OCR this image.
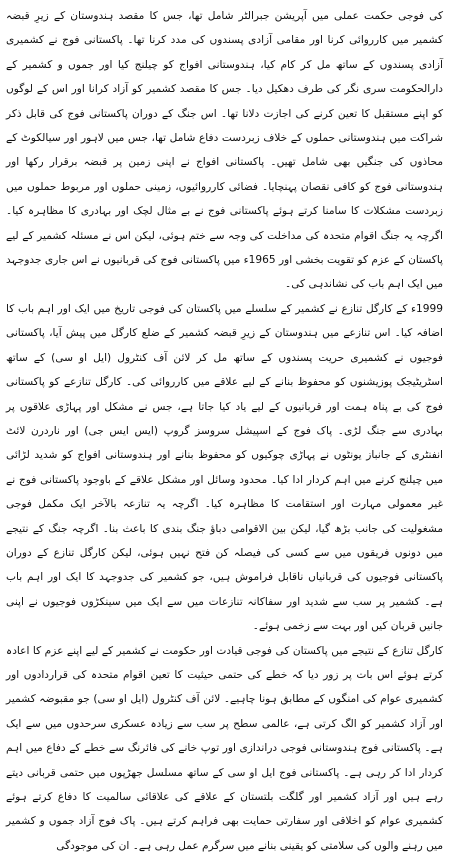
کی فوجی حکمت عملی میں آپریشن جبرالٹر شامل تھا، جس کا مقصد ہندوستان کے زیرِ قبضہ کشمیر میں کارروائی کرنا اور مقامی آزادی پسندوں کی مدد کرنا تھا۔ پاکستانی فوج نے کشمیری آزادی پسندوں کے ساتھ مل کر کام کیا، ہندوستانی افواج کو چیلنج کیا اور جموں و کشمیر کے دارالحکومت سری نگر کی طرف دھکیل دیا۔ جس کا مقصد کشمیر کو آزاد کرانا اور اس کے لوگوں کو اپنے مستقبل کا تعین کرنے کی اجازت دلانا تھا۔ اس جنگ کے دوران پاکستانی فوج کی قابل ذکر شراکت میں ہندوستانی حملوں کے خلاف زبردست دفاع شامل تھا، جس میں لاہور اور سیالکوٹ کے محاذوں کی جنگیں بھی شامل تھیں۔ پاکستانی افواج نے اپنی زمین پر قبضہ برقرار رکھا اور ہندوستانی فوج کو کافی نقصان پہنچایا۔ فضائی کارروائیوں، زمینی حملوں اور مربوط حملوں میں زبردست مشکلات کا سامنا کرتے ہوئے پاکستانی فوج نے بے مثال لچک اور بہادری کا مظاہرہ کیا۔ اگرچہ یہ جنگ اقوام متحدہ کی مداخلت کی وجہ سے ختم ہوئی، لیکن اس نے مسئلہ کشمیر کے لیے پاکستان کے عزم کو تقویت بخشی اور 1965ء میں پاکستانی فوج کی قربانیوں نے اس جاری جدوجہد میں ایک اہم باب کی نشاندہی کی۔

1999ء کے کارگل تنازع نے کشمیر کے سلسلے میں پاکستان کی فوجی تاریخ میں ایک اور اہم باب کا اضافہ کیا۔ اس تنازعے میں ہندوستان کے زیرِ قبضہ کشمیر کے ضلع کارگل میں پیش آیا، پاکستانی فوجیوں نے کشمیری حریت پسندوں کے ساتھ مل کر لائن آف کنٹرول (ایل او سی) کے ساتھ اسٹریٹیجک پوزیشنوں کو محفوظ بنانے کے لیے علاقے میں کارروائی کی۔ کارگل تنازعے کو پاکستانی فوج کی بے پناہ ہمت اور قربانیوں کے لیے یاد کیا جاتا ہے، جس نے مشکل اور پہاڑی علاقوں پر بہادری سے جنگ لڑی۔ پاک فوج کے اسپیشل سروسز گروپ (ایس ایس جی) اور ناردرن لائٹ انفنٹری کے جانباز یونٹوں نے پہاڑی چوکیوں کو محفوظ بنانے اور ہندوستانی افواج کو شدید لڑائی میں چیلنج کرنے میں اہم کردار ادا کیا۔ محدود وسائل اور مشکل علاقے کے باوجود پاکستانی فوج نے غیر معمولی مہارت اور استقامت کا مظاہرہ کیا۔ اگرچہ یہ تنازعہ بالآخر ایک مکمل فوجی مشغولیت کی جانب بڑھ گیا، لیکن بین الاقوامی دباؤ جنگ بندی کا باعث بنا۔ اگرچہ جنگ کے نتیجے میں دونوں فریقوں میں سے کسی کی فیصلہ کن فتح نہیں ہوئی، لیکن کارگل تنازع کے دوران پاکستانی فوجیوں کی قربانیاں ناقابل فراموش ہیں، جو کشمیر کی جدوجہد کا ایک اور اہم باب ہے۔ کشمیر پر سب سے شدید اور سفاکانہ تنازعات میں سے ایک میں سینکڑوں فوجیوں نے اپنی جانیں قربان کیں اور بہت سے زخمی ہوئے۔

کارگل تنازع کے نتیجے میں پاکستان کی فوجی قیادت اور حکومت نے کشمیر کے لیے اپنے عزم کا اعادہ کرتے ہوئے اس بات پر زور دیا کہ خطے کی حتمی حیثیت کا تعین اقوام متحدہ کی قراردادوں اور کشمیری عوام کی امنگوں کے مطابق ہونا چاہیے۔ لائن آف کنٹرول (ایل او سی) جو مقبوضہ کشمیر اور آزاد کشمیر کو الگ کرتی ہے، عالمی سطح پر سب سے زیادہ عسکری سرحدوں میں سے ایک ہے۔ پاکستانی فوج ہندوستانی فوجی دراندازی اور توپ خانے کی فائرنگ سے خطے کے دفاع میں اہم کردار ادا کر رہی ہے۔ پاکستانی فوج ایل او سی کے ساتھ مسلسل جھڑپوں میں حتمی قربانی دیتے رہے ہیں اور آزاد کشمیر اور گلگت بلتستان کے علاقے کی علاقائی سالمیت کا دفاع کرتے ہوئے کشمیری عوام کو اخلاقی اور سفارتی حمایت بھی فراہم کرتے ہیں۔ پاک فوج آزاد جموں و کشمیر میں رہنے والوں کی سلامتی کو یقینی بنانے میں سرگرم عمل رہی ہے۔ ان کی موجودگی
